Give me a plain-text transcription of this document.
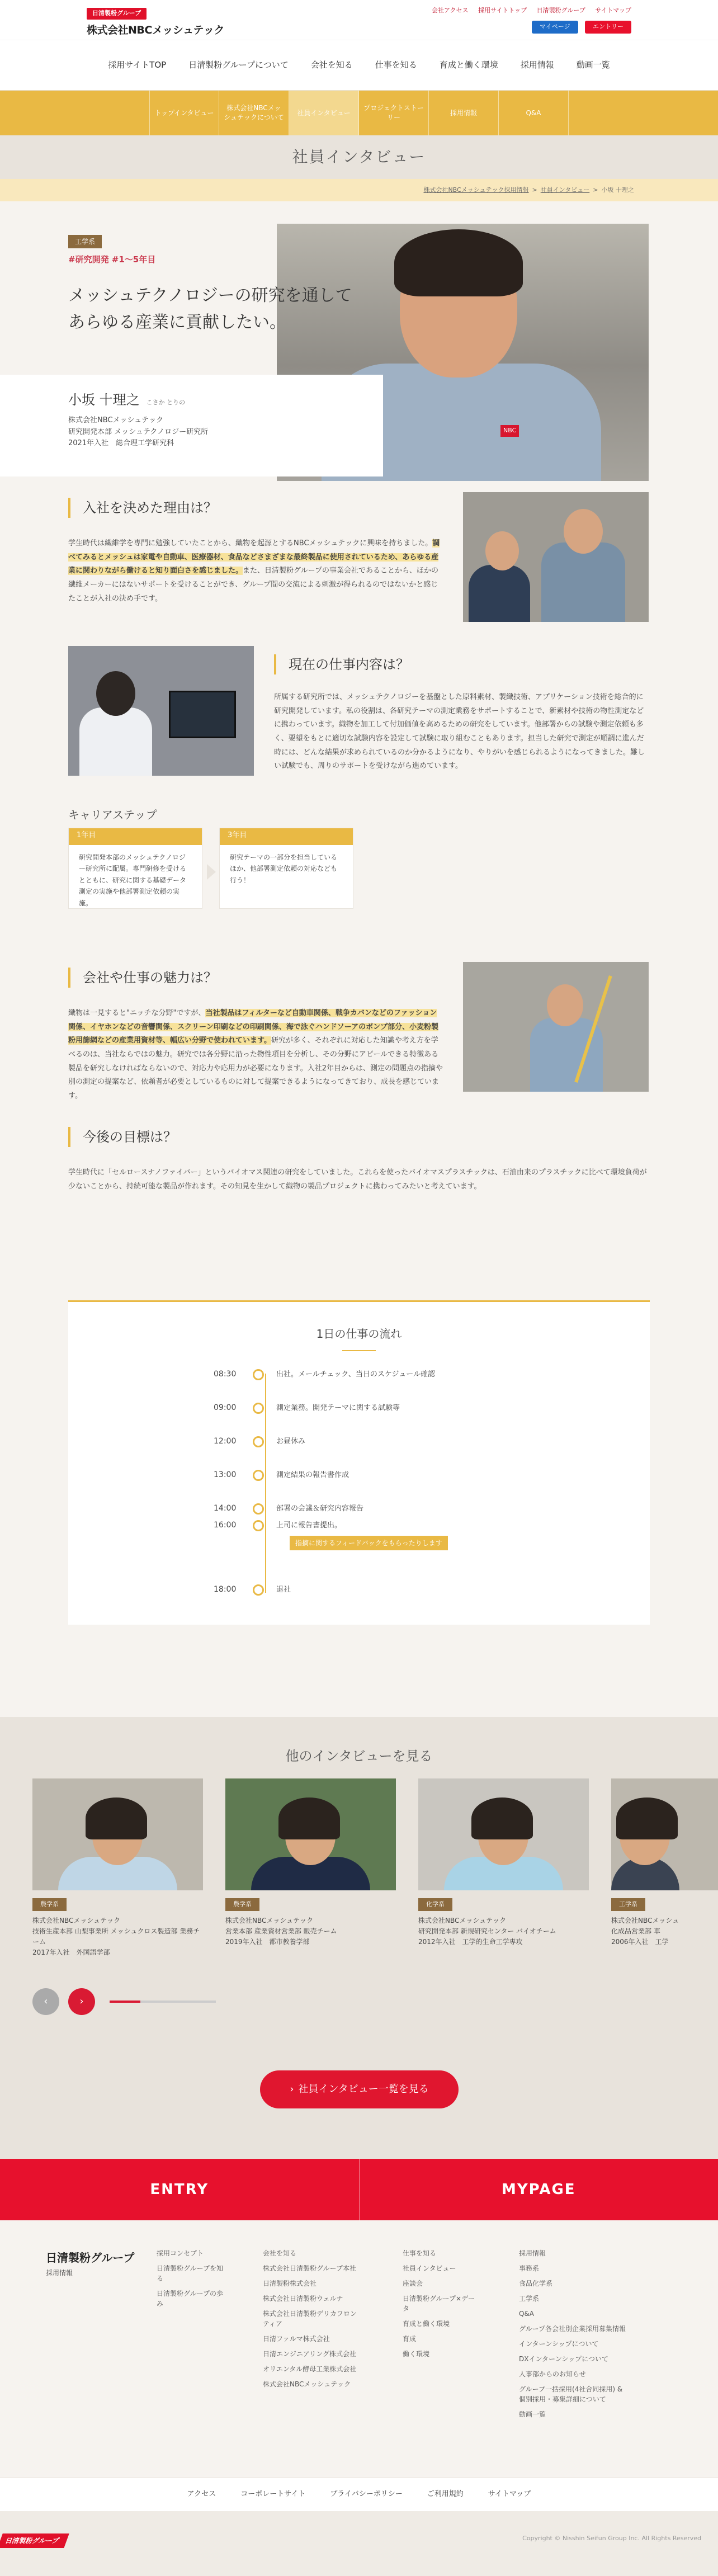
日清製粉グループ
株式会社NBCメッシュテック
会社アクセス 採用サイトトップ 日清製粉グループ サイトマップ
マイページ	エントリー
採用サイトTOP	日清製粉グループについて	会社を知る	仕事を知る	育成と働く環境	採用情報	動画一覧
トップインタビュー
株式会社NBCメッシュテックについて
社員インタビュー
プロジェクトストーリー
採用情報	Q&A
社員インタビュー
株式会社NBCメッシュテック採用情報 > 社員インタビュー > 小坂 十理之
NBC
工学系
#研究開発 #1〜5年目
メッシュテクノロジーの研究を通して
あらゆる産業に貢献したい。
小坂 十理之 こさか とりの
株式会社NBCメッシュテック
研究開発本部 メッシュテクノロジー研究所
2021年入社　総合理工学研究科
入社を決めた理由は？
学生時代は繊維学を専門に勉強していたことから、織物を起源とするNBCメッシュテックに興味を持ちました。調べてみるとメッシュは家電や自動車、医療器材、食品などさまざまな最終製品に使用されているため、あらゆる産業に関わりながら働けると知り面白さを感じました。また、日清製粉グループの事業会社であることから、ほかの繊維メーカーにはないサポートを受けることができ、グループ間の交流による刺激が得られるのではないかと感じたことが入社の決め手です。
現在の仕事内容は？
所属する研究所では、メッシュテクノロジーを基盤とした原料素材、製織技術、アプリケーション技術を総合的に研究開発しています。私の役割は、各研究テーマの測定業務をサポートすることで、新素材や技術の物性測定などに携わっています。織物を加工して付加価値を高めるための研究をしています。他部署からの試験や測定依頼も多く、要望をもとに適切な試験内容を設定して試験に取り組むこともあります。担当した研究で測定が順調に進んだ時には、どんな結果が求められているのか分かるようになり、やりがいを感じられるようになってきました。難しい試験でも、周りのサポートを受けながら進めています。
キャリアステップ
1年目
研究開発本部のメッシュテクノロジー研究所に配属。専門研修を受けるとともに、研究に関する基礎データ測定の実施や他部署測定依頼の実施。
3年目
研究テーマの一部分を担当しているほか、他部署測定依頼の対応なども行う！
会社や仕事の魅力は？
織物は一見すると"ニッチな分野"ですが、当社製品はフィルターなど自動車関係、戦争カバンなどのファッション関係、イヤホンなどの音響関係、スクリーン印刷などの印刷関係、海で泳ぐハンドソーアのポンプ部分、小麦粉製粉用篩網などの産業用資材等、幅広い分野で使われています。研究が多く、それぞれに対応した知識や考え方を学べるのは、当社ならではの魅力。研究では各分野に沿った物性項目を分析し、その分野にアピールできる特徴ある製品を研究しなければならないので、対応力や応用力が必要になります。入社2年目からは、測定の問題点の指摘や別の測定の提案など、依頼者が必要としているものに対して提案できるようになってきており、成長を感じています。
今後の目標は？
学生時代に「セルロースナノファイバー」というバイオマス関連の研究をしていました。これらを使ったバイオマスプラスチックは、石油由来のプラスチックに比べて環境負荷が少ないことから、持続可能な製品が作れます。その知見を生かして織物の製品プロジェクトに携わってみたいと考えています。
1日の仕事の流れ
08:30	出社。メールチェック、当日のスケジュール確認
09:00	測定業務。開発テーマに関する試験等
12:00	お昼休み
13:00	測定結果の報告書作成
14:00	部署の会議＆研究内容報告
16:00	上司に報告書提出。
指摘に関するフィードバックをもらったりします
18:00	退社
他のインタビューを見る
農学系
株式会社NBCメッシュテック
技術生産本部 山梨事業所 メッシュクロス製造部 業務チーム
2017年入社　外国語学部
農学系
株式会社NBCメッシュテック
営業本部 産業資材営業部 販売チーム
2019年入社　都市教養学部
化学系
株式会社NBCメッシュテック
研究開発本部 新規研究センター バイオチーム
2012年入社　工学的生命工学専攻
工学系
株式会社NBCメッシュ
化成品営業部 車
2006年入社　工学
‹	›
› 社員インタビュー一覧を見る
ENTRY	MYPAGE
日清製粉グループ
採用情報
採用コンセプト
日清製粉グループを知る
日清製粉グループの歩み
会社を知る
株式会社日清製粉グループ本社
日清製粉株式会社
株式会社日清製粉ウェルナ
株式会社日清製粉デリカフロンティア
日清ファルマ株式会社
日清エンジニアリング株式会社
オリエンタル酵母工業株式会社
株式会社NBCメッシュテック
仕事を知る
社員インタビュー
座談会
日清製粉グループ×データ
育成と働く環境
育成
働く環境
採用情報
事務系
食品化学系
工学系
Q&A
グループ各会社別企業採用募集情報
インターンシップについて
DXインターンシップについて
人事部からのお知らせ
グループ一括採用(4社合同採用) & 個別採用・募集詳細について
動画一覧
アクセス	コーポレートサイト	プライバシーポリシー	ご利用規約	サイトマップ
日清製粉グループ	Copyright © Nisshin Seifun Group Inc. All Rights Reserved
